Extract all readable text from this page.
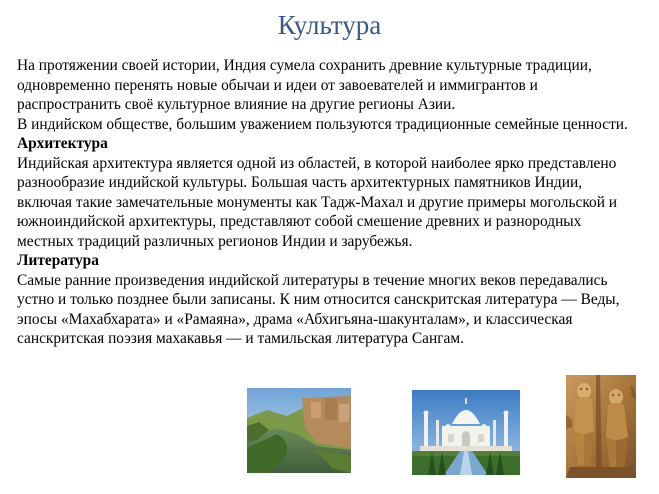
Культура

На протяжении своей истории, Индия сумела сохранить древние культурные традиции, одновременно перенять новые обычаи и идеи от завоевателей и иммигрантов и распространить своё культурное влияние на другие регионы Азии.

В индийском обществе, большим уважением пользуются традиционные семейные ценности.

Архитектура

Индийская архитектура является одной из областей, в которой наиболее ярко представлено разнообразие индийской культуры. Большая часть архитектурных памятников Индии, включая такие замечательные монументы как Тадж-Махал и другие примеры могольской и южноиндийской архитектуры, представляют собой смешение древних и разнородных местных традиций различных регионов Индии и зарубежья.

Литература

Самые ранние произведения индийской литературы в течение многих веков передавались устно и только позднее были записаны. К ним относится санскритская литература — Веды, эпосы «Махабхарата» и «Рамаяна», драма «Абхигьяна-шакунталам», и классическая санскритская поэзия махакавья — и тамильская литература Сангам.
